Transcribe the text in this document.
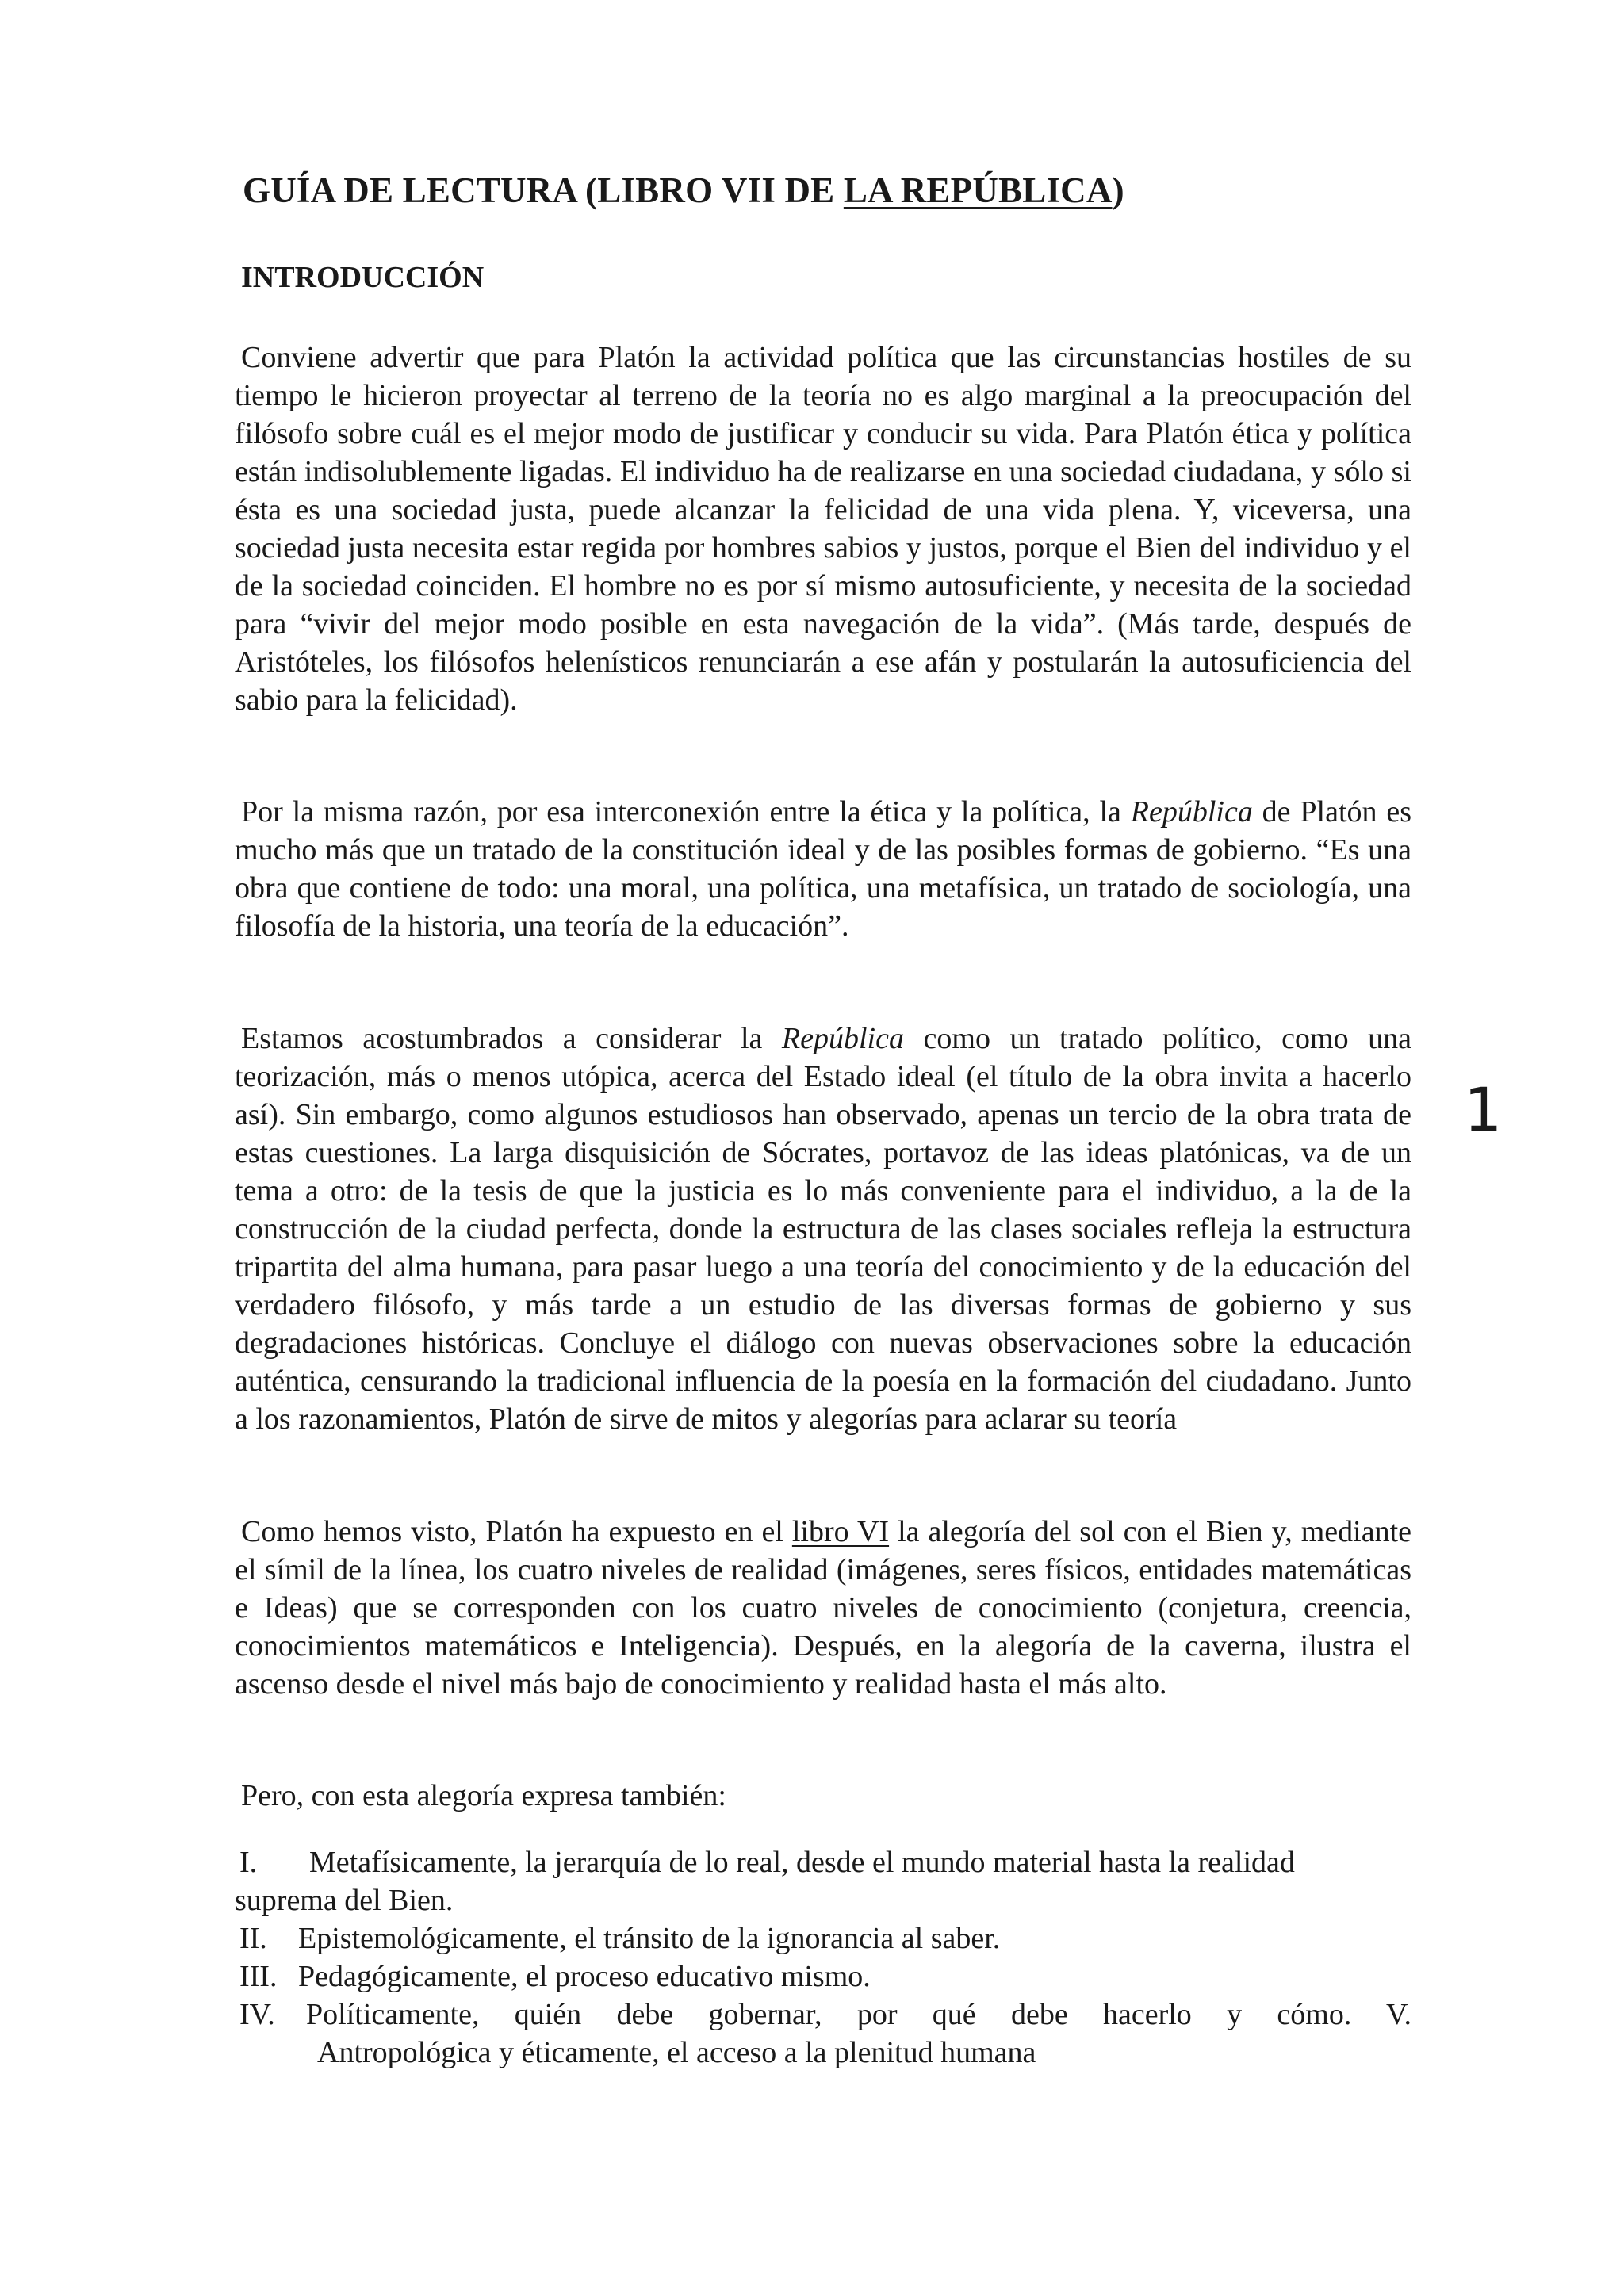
GUÍA DE LECTURA (LIBRO VII DE LA REPÚBLICA)
INTRODUCCIÓN

Conviene advertir que para Platón la actividad política que las circunstancias hostiles de su tiempo le hicieron proyectar al terreno de la teoría no es algo marginal a la preocupación del filósofo sobre cuál es el mejor modo de justificar y conducir su vida. Para Platón ética y política están indisolublemente ligadas. El individuo ha de realizarse en una sociedad ciudadana, y sólo si ésta es una sociedad justa, puede alcanzar la felicidad de una vida plena. Y, viceversa, una sociedad justa necesita estar regida por hombres sabios y justos, porque el Bien del individuo y el de la sociedad coinciden. El hombre no es por sí mismo autosuficiente, y necesita de la sociedad para “vivir del mejor modo posible en esta navegación de la vida”. (Más tarde, después de Aristóteles, los filósofos helenísticos renunciarán a ese afán y postularán la autosuficiencia del sabio para la felicidad).

Por la misma razón, por esa interconexión entre la ética y la política, la República de Platón es mucho más que un tratado de la constitución ideal y de las posibles formas de gobierno. “Es una obra que contiene de todo: una moral, una política, una metafísica, un tratado de sociología, una filosofía de la historia, una teoría de la educación”.

Estamos acostumbrados a considerar la República como un tratado político, como una teorización, más o menos utópica, acerca del Estado ideal (el título de la obra invita a hacerlo así). Sin embargo, como algunos estudiosos han observado, apenas un tercio de la obra trata de estas cuestiones. La larga disquisición de Sócrates, portavoz de las ideas platónicas, va de un tema a otro: de la tesis de que la justicia es lo más conveniente para el individuo, a la de la construcción de la ciudad perfecta, donde la estructura de las clases sociales refleja la estructura tripartita del alma humana, para pasar luego a una teoría del conocimiento y de la educación del verdadero filósofo, y más tarde a un estudio de las diversas formas de gobierno y sus degradaciones históricas. Concluye el diálogo con nuevas observaciones sobre la educación auténtica, censurando la tradicional influencia de la poesía en la formación del ciudadano. Junto a los razonamientos, Platón de sirve de mitos y alegorías para aclarar su teoría

Como hemos visto, Platón ha expuesto en el libro VI la alegoría del sol con el Bien y, mediante el símil de la línea, los cuatro niveles de realidad (imágenes, seres físicos, entidades matemáticas e Ideas) que se corresponden con los cuatro niveles de conocimiento (conjetura, creencia, conocimientos matemáticos e Inteligencia). Después, en la alegoría de la caverna, ilustra el ascenso desde el nivel más bajo de conocimiento y realidad hasta el más alto.

Pero, con esta alegoría expresa también:

I. Metafísicamente, la jerarquía de lo real, desde el mundo material hasta la realidad
suprema del Bien.
II. Epistemológicamente, el tránsito de la ignorancia al saber.
III. Pedagógicamente, el proceso educativo mismo.
IV. Políticamente, quién debe gobernar, por qué debe hacerlo y cómo. V.
Antropológica y éticamente, el acceso a la plenitud humana
1
